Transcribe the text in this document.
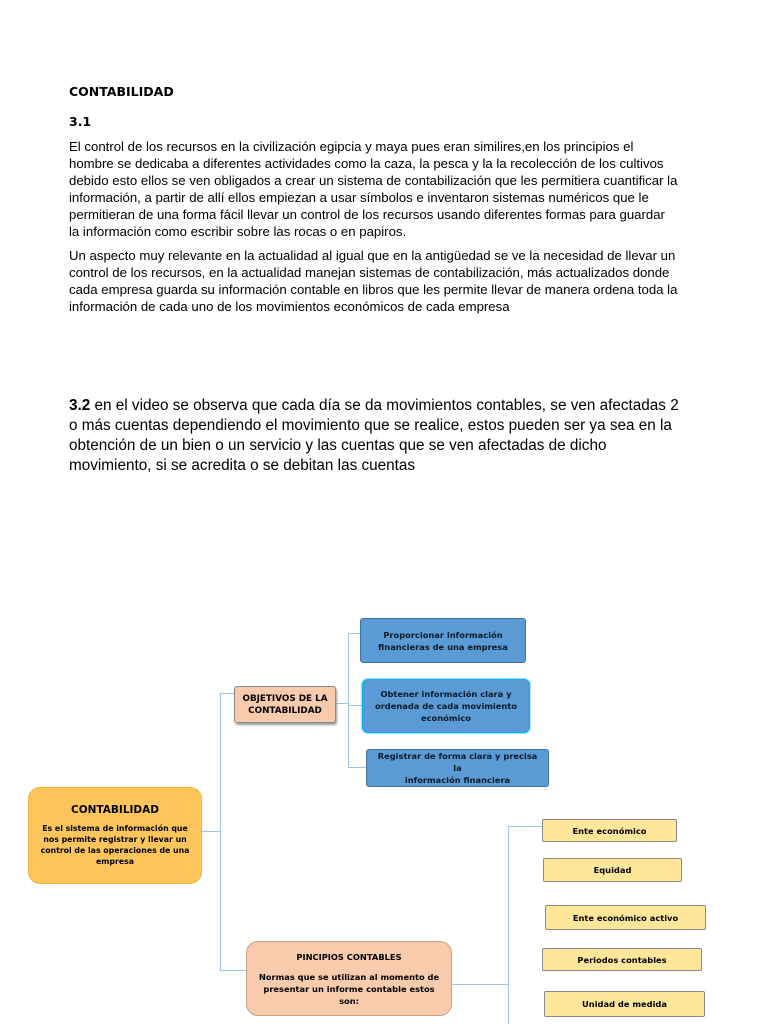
CONTABILIDAD
3.1

El control de los recursos en la civilización egipcia y maya pues eran similires,en los principios el
hombre se dedicaba a diferentes actividades como la caza, la pesca y la la recolección de los cultivos
debido esto ellos se ven obligados a crear un sistema de contabilización que les permitiera cuantificar la
información, a partir de allí ellos empiezan a usar símbolos e inventaron sistemas numéricos que le
permitieran de una forma fácil llevar un control de los recursos usando diferentes formas para guardar
la información como escribir sobre las rocas o en papiros.

Un aspecto muy relevante en la actualidad al igual que en la antigüedad se ve la necesidad de llevar un
control de los recursos, en la actualidad manejan sistemas de contabilización, más actualizados donde
cada empresa guarda su información contable en libros que les permite llevar de manera ordena toda la
información de cada uno de los movimientos económicos de cada empresa

3.2 en el video se observa que cada día se da movimientos contables, se ven afectadas 2
o más cuentas dependiendo el movimiento que se realice, estos pueden ser ya sea en la
obtención de un bien o un servicio y las cuentas que se ven afectadas de dicho
movimiento, si se acredita o se debitan las cuentas

CONTABILIDAD
Es el sistema de información que
nos permite registrar y llevar un
control de las operaciones de una
empresa
OBJETIVOS DE LA
CONTABILIDAD
Proporcionar información
financieras de una empresa
Obtener información clara y
ordenada de cada movimiento
económico
Registrar de forma clara y precisa la
información financiera
PINCIPIOS CONTABLES
Normas que se utilizan al momento de
presentar un informe contable estos son:
Ente económico
Equidad
Ente económico activo
Periodos contables
Unidad de medida
